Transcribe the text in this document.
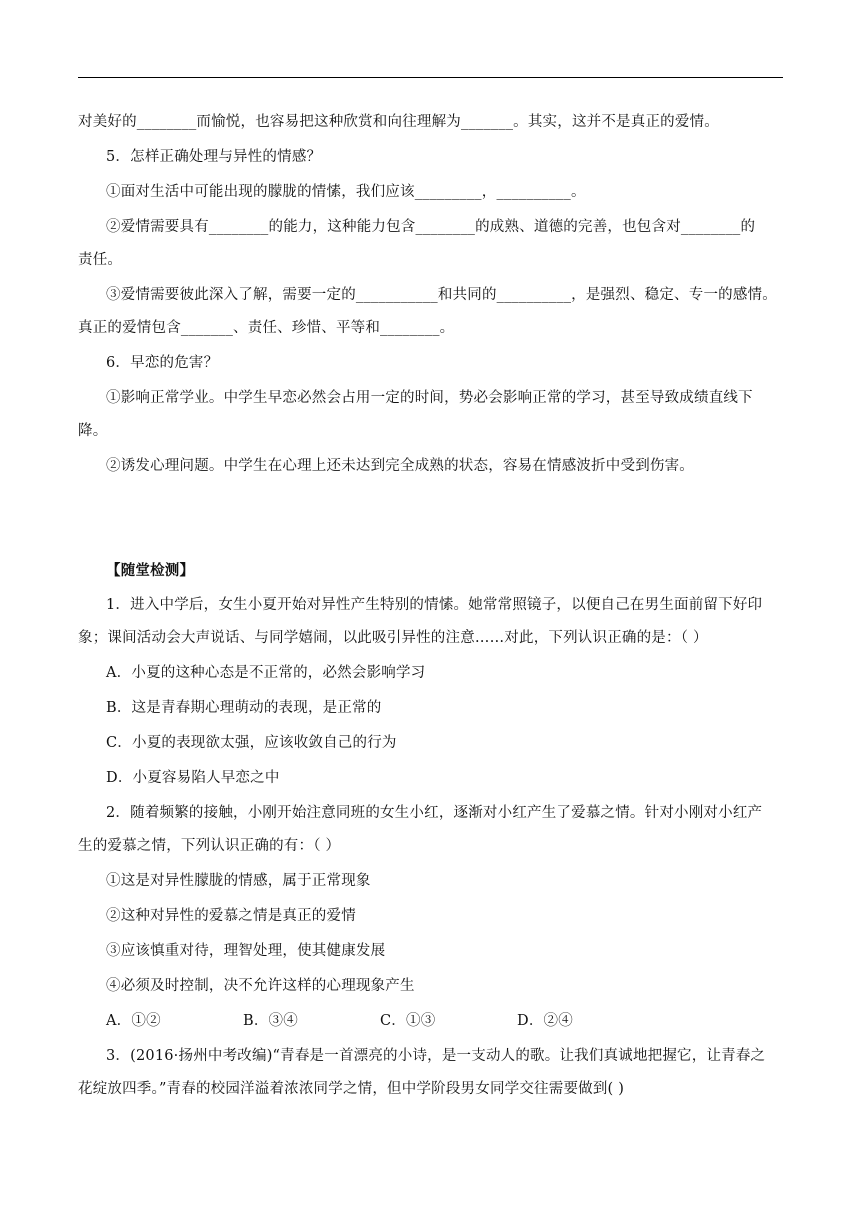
对美好的________而愉悦，也容易把这种欣赏和向往理解为_______。其实，这并不是真正的爱情。
5．怎样正确处理与异性的情感？
①面对生活中可能出现的朦胧的情愫，我们应该_________，__________。
②爱情需要具有________的能力，这种能力包含________的成熟、道德的完善，也包含对________的
责任。
③爱情需要彼此深入了解，需要一定的___________和共同的__________，是强烈、稳定、专一的感情。
真正的爱情包含_______、责任、珍惜、平等和________。
6．早恋的危害？
①影响正常学业。中学生早恋必然会占用一定的时间，势必会影响正常的学习，甚至导致成绩直线下
降。
②诱发心理问题。中学生在心理上还未达到完全成熟的状态，容易在情感波折中受到伤害。
【随堂检测】
1．进入中学后，女生小夏开始对异性产生特别的情愫。她常常照镜子，以便自己在男生面前留下好印
象；课间活动会大声说话、与同学嬉闹，以此吸引异性的注意……对此，下列认识正确的是：（ ）
A．小夏的这种心态是不正常的，必然会影响学习
B．这是青春期心理萌动的表现，是正常的
C．小夏的表现欲太强，应该收敛自己的行为
D．小夏容易陷人早恋之中
2．随着频繁的接触，小刚开始注意同班的女生小红，逐渐对小红产生了爱慕之情。针对小刚对小红产
生的爱慕之情，下列认识正确的有：（ ）
①这是对异性朦胧的情感，属于正常现象
②这种对异性的爱慕之情是真正的爱情
③应该慎重对待，理智处理，使其健康发展
④必须及时控制，决不允许这样的心理现象产生
A．①②	B．③④	C．①③	D．②④
3．(2016·扬州中考改编)“青春是一首漂亮的小诗，是一支动人的歌。让我们真诚地把握它，让青春之
花绽放四季。”青春的校园洋溢着浓浓同学之情，但中学阶段男女同学交往需要做到( )
